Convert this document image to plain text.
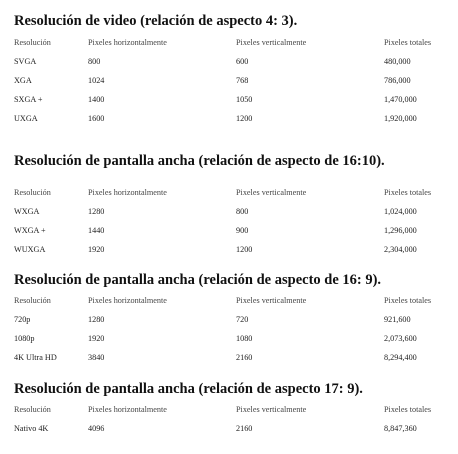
Resolución de video (relación de aspecto 4: 3).
Resolución	Pixeles horizontalmente	Pixeles verticalmente	Pixeles totales
SVGA	800	600	480,000
XGA	1024	768	786,000
SXGA +	1400	1050	1,470,000
UXGA	1600	1200	1,920,000
Resolución de pantalla ancha (relación de aspecto de 16:10).
Resolución	Pixeles horizontalmente	Pixeles verticalmente	Pixeles totales
WXGA	1280	800	1,024,000
WXGA +	1440	900	1,296,000
WUXGA	1920	1200	2,304,000
Resolución de pantalla ancha (relación de aspecto de 16: 9).
Resolución	Pixeles horizontalmente	Pixeles verticalmente	Pixeles totales
720p	1280	720	921,600
1080p	1920	1080	2,073,600
4K Ultra HD	3840	2160	8,294,400
Resolución de pantalla ancha (relación de aspecto 17: 9).
Resolución	Pixeles horizontalmente	Pixeles verticalmente	Pixeles totales
Nativo 4K	4096	2160	8,847,360
